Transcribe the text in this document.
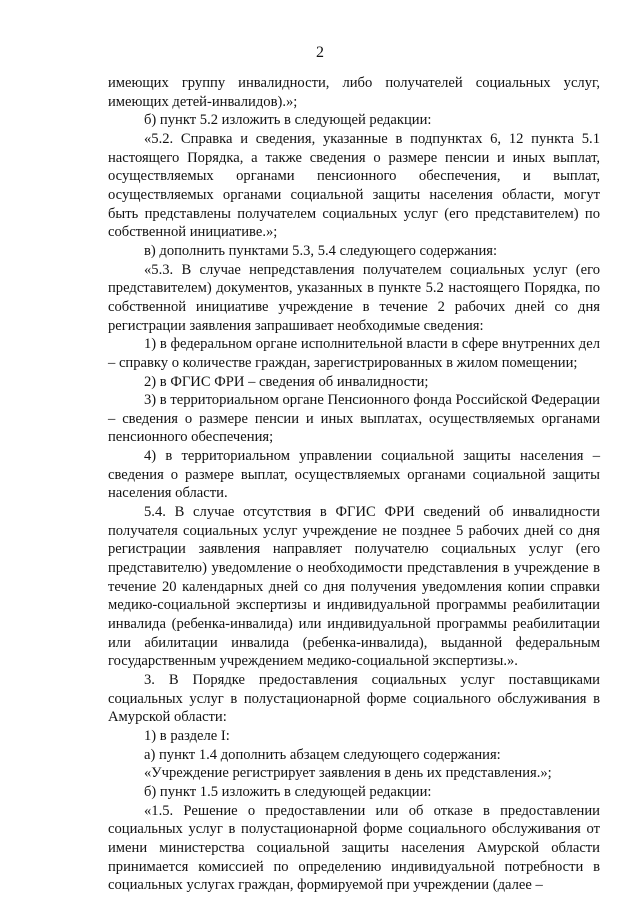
2

имеющих группу инвалидности, либо получателей социальных услуг, имеющих детей-инвалидов).»;

б) пункт 5.2 изложить в следующей редакции:

«5.2. Справка и сведения, указанные в подпунктах 6, 12 пункта 5.1 настоящего Порядка, а также сведения о размере пенсии и иных выплат, осуществляемых органами пенсионного обеспечения, и выплат, осуществляемых органами социальной защиты населения области, могут быть представлены получателем социальных услуг (его представителем) по собственной инициативе.»;

в) дополнить пунктами 5.3, 5.4 следующего содержания:

«5.3. В случае непредставления получателем социальных услуг (его представителем) документов, указанных в пункте 5.2 настоящего Порядка, по собственной инициативе учреждение в течение 2 рабочих дней со дня регистрации заявления запрашивает необходимые сведения:

1) в федеральном органе исполнительной власти в сфере внутренних дел – справку о количестве граждан, зарегистрированных в жилом помещении;

2) в ФГИС ФРИ – сведения об инвалидности;

3) в территориальном органе Пенсионного фонда Российской Федерации – сведения о размере пенсии и иных выплатах, осуществляемых органами пенсионного обеспечения;

4) в территориальном управлении социальной защиты населения – сведения о размере выплат, осуществляемых органами социальной защиты населения области.

5.4. В случае отсутствия в ФГИС ФРИ сведений об инвалидности получателя социальных услуг учреждение не позднее 5 рабочих дней со дня регистрации заявления направляет получателю социальных услуг (его представителю) уведомление о необходимости представления в учреждение в течение 20 календарных дней со дня получения уведомления копии справки медико-социальной экспертизы и индивидуальной программы реабилитации инвалида (ребенка-инвалида) или индивидуальной программы реабилитации или абилитации инвалида (ребенка-инвалида), выданной федеральным государственным учреждением медико-социальной экспертизы.».

3. В Порядке предоставления социальных услуг поставщиками социальных услуг в полустационарной форме социального обслуживания в Амурской области:

1) в разделе I:

а) пункт 1.4 дополнить абзацем следующего содержания:

«Учреждение регистрирует заявления в день их представления.»;

б) пункт 1.5 изложить в следующей редакции:

«1.5. Решение о предоставлении или об отказе в предоставлении социальных услуг в полустационарной форме социального обслуживания от имени министерства социальной защиты населения Амурской области принимается комиссией по определению индивидуальной потребности в социальных услугах граждан, формируемой при учреждении (далее –
